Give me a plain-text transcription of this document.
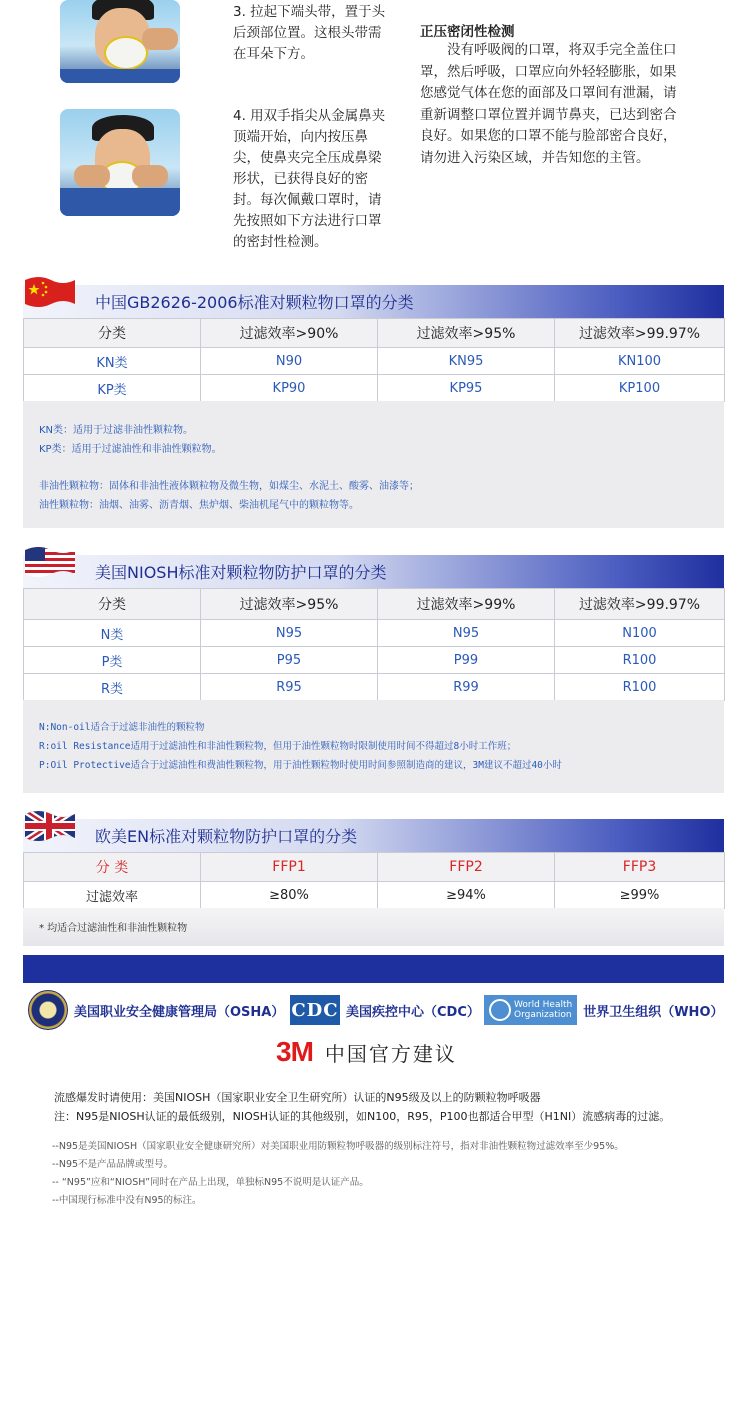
3. 拉起下端头带，置于头
后颈部位置。这根头带需
在耳朵下方。

4. 用双手指尖从金属鼻夹
顶端开始，向内按压鼻
尖，使鼻夹完全压成鼻梁
形状，已获得良好的密
封。每次佩戴口罩时，请
先按照如下方法进行口罩
的密封性检测。

正压密闭性检测

没有呼吸阀的口罩，将双手完全盖住口罩，然后呼吸，口罩应向外轻轻膨胀，如果您感觉气体在您的面部及口罩间有泄漏，请重新调整口罩位置并调节鼻夹，已达到密合良好。如果您的口罩不能与脸部密合良好，请勿进入污染区域，并告知您的主管。

中国GB2626-2006标准对颗粒物口罩的分类
分类	过滤效率>90%	过滤效率>95%	过滤效率>99.97%
KN类	N90	KN95	KN100
KP类	KP90	KP95	KP100

KN类：适用于过滤非油性颗粒物。

KP类：适用于过滤油性和非油性颗粒物。

非油性颗粒物：固体和非油性液体颗粒物及微生物，如煤尘、水泥土、酸雾、油漆等；

油性颗粒物：油烟、油雾、沥青烟、焦炉烟、柴油机尾气中的颗粒物等。

美国NIOSH标准对颗粒物防护口罩的分类
分类	过滤效率>95%	过滤效率>99%	过滤效率>99.97%
N类	N95	N95	N100
P类	P95	P99	R100
R类	R95	R99	R100

N:Non-oil适合于过滤非油性的颗粒物

R:oil Resistance适用于过滤油性和非油性颗粒物，但用于油性颗粒物时限制使用时间不得超过8小时工作班；

P:Oil Protective适合于过滤油性和费油性颗粒物，用于油性颗粒物时使用时间参照制造商的建议，3M建议不超过40小时

欧美EN标准对颗粒物防护口罩的分类
分 类	FFP1	FFP2	FFP3
过滤效率	≥80%	≥94%	≥99%

* 均适合过滤油性和非油性颗粒物

美国职业安全健康管理局（OSHA） CDC 美国疾控中心（CDC）	World Health
Organization 世界卫生组织（WHO）
3M 中国官方建议

流感爆发时请使用：美国NIOSH（国家职业安全卫生研究所）认证的N95级及以上的防颗粒物呼吸器

注：N95是NIOSH认证的最低级别，NIOSH认证的其他级别，如N100，R95，P100也都适合甲型（H1NI）流感病毒的过滤。

--N95是美国NIOSH（国家职业安全健康研究所）对美国职业用防颗粒物呼吸器的级别标注符号，指对非油性颗粒物过滤效率至少95%。

--N95不是产品品牌或型号。

-- “N95”应和“NIOSH”同时在产品上出现，单独标N95不说明是认证产品。

--中国现行标准中没有N95的标注。
